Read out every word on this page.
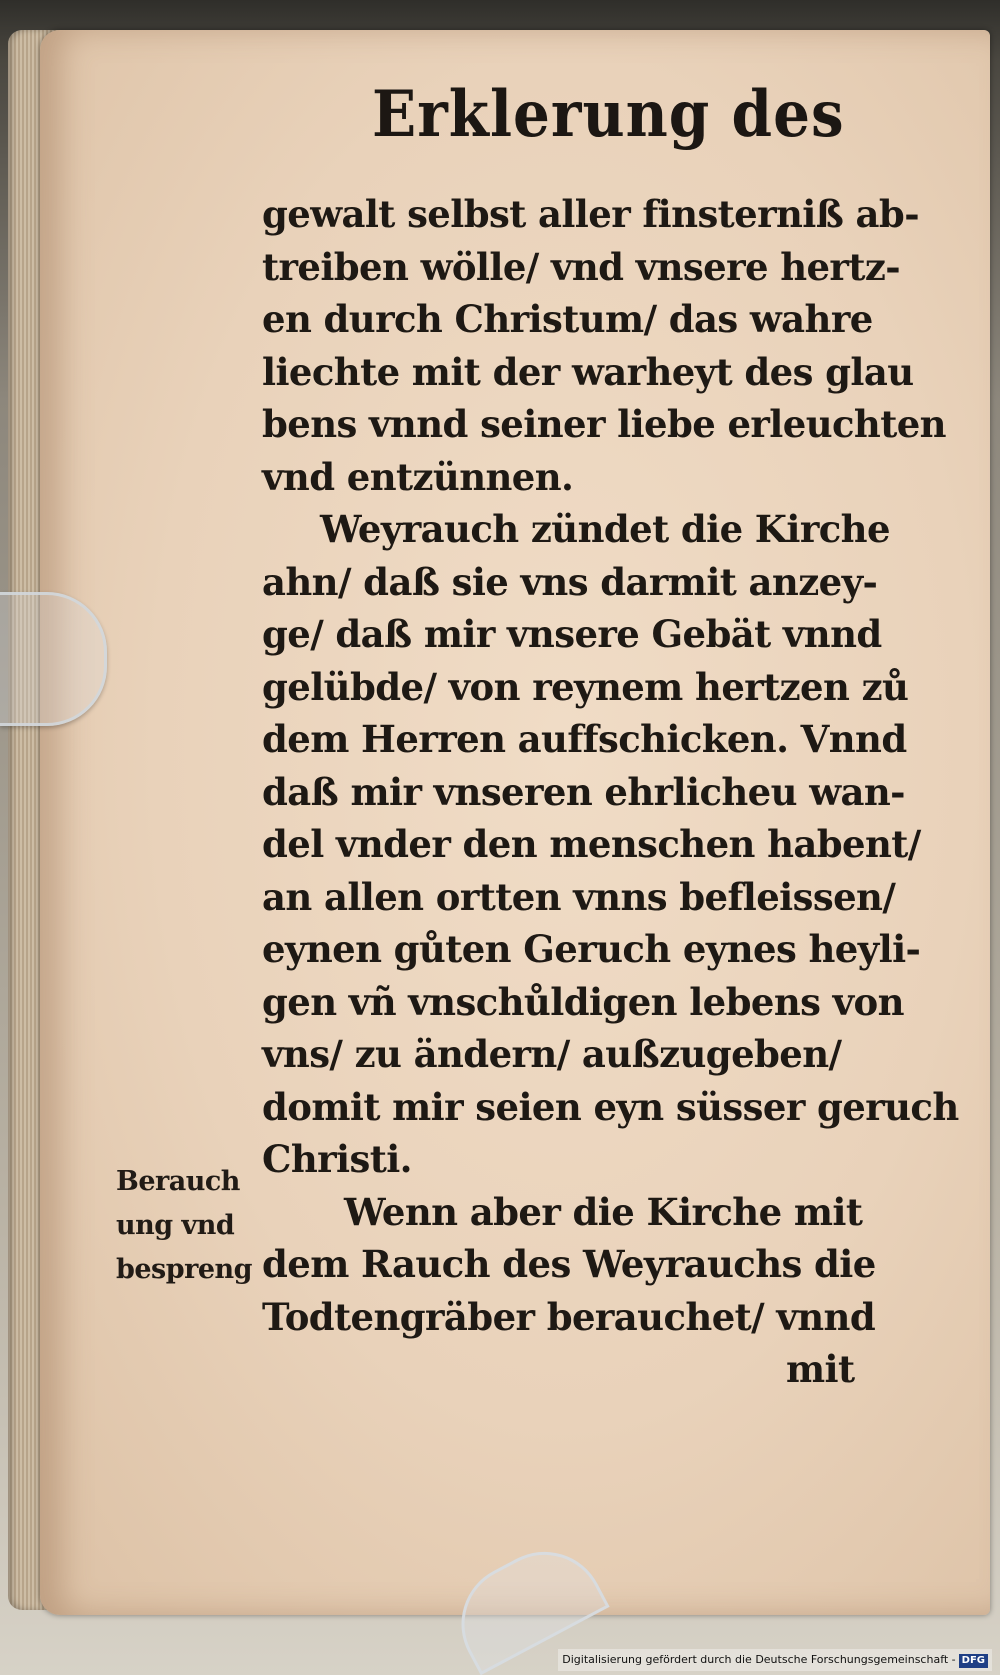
Erklerung des
gewalt selbst aller finsterniß ab-
treiben wölle/ vnd vnsere hertz-
en durch Christum/ das wahre
liechte mit der warheyt des glau
bens vnnd seiner liebe erleuchten
vnd entzünnen.
Weyrauch zündet die Kirche
ahn/ daß sie vns darmit anzey-
ge/ daß mir vnsere Gebät vnnd
gelübde/ von reynem hertzen zů
dem Herren auffschicken. Vnnd
daß mir vnseren ehrlicheu wan-
del vnder den menschen habent/
an allen ortten vnns befleissen/
eynen gůten Geruch eynes heyli-
gen vñ vnschůldigen lebens von
vns/ zu ändern/ außzugeben/
domit mir seien eyn süsser geruch
Christi.
Wenn aber die Kirche mit
dem Rauch des Weyrauchs die
Todtengräber berauchet/ vnnd
mit
Berauch
ung vnd
bespreng
Digitalisierung gefördert durch die Deutsche Forschungsgemeinschaft - DFG
